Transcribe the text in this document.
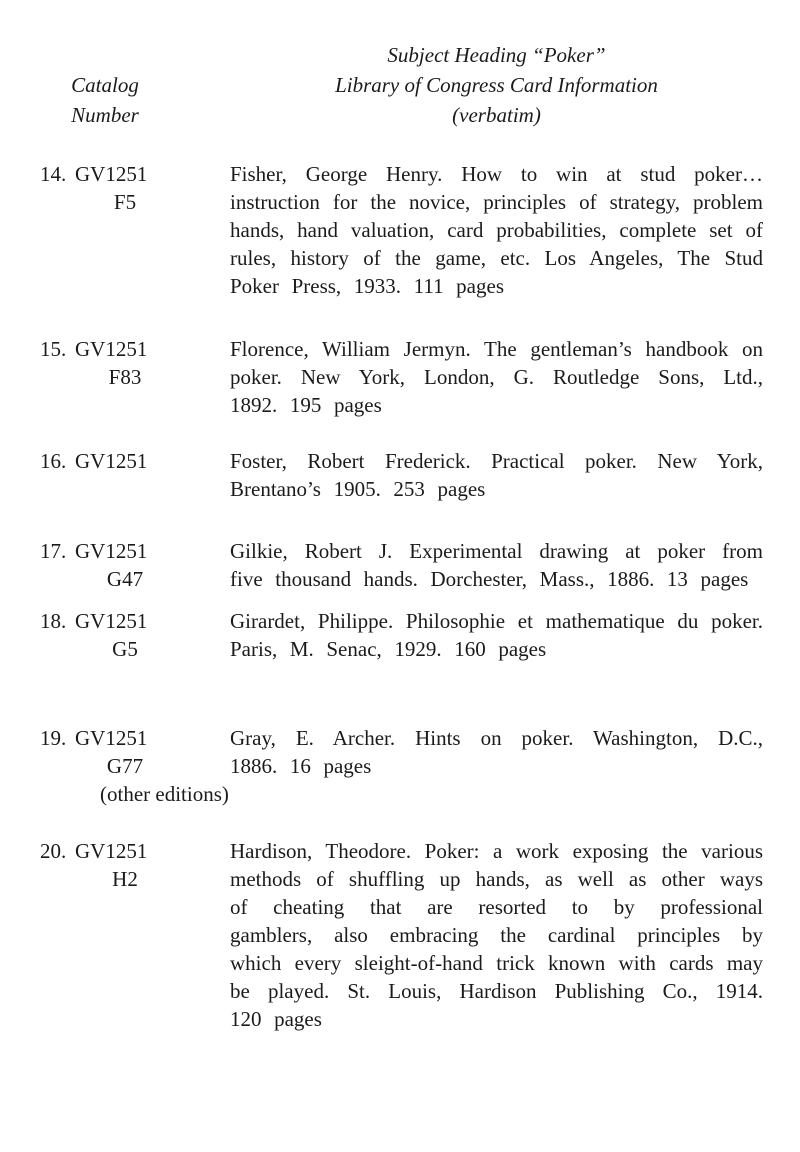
Catalog
Number
Subject Heading “Poker”
Library of Congress Card Information
(verbatim)
14. GV1251
F5
Fisher, George Henry. How to win at stud poker… instruction for the novice, principles of strategy, problem hands, hand valuation, card probabilities, complete set of rules, history of the game, etc. Los Angeles, The Stud Poker Press, 1933. 111 pages
15. GV1251
F83
Florence, William Jermyn. The gentleman’s handbook on poker. New York, London, G. Routledge Sons, Ltd., 1892. 195 pages
16. GV1251	Foster, Robert Frederick. Practical poker. New York, Brentano’s 1905. 253 pages
17. GV1251
G47
Gilkie, Robert J. Experimental drawing at poker from five thousand hands. Dorchester, Mass., 1886. 13 pages
18. GV1251
G5
Girardet, Philippe. Philosophie et mathematique du poker. Paris, M. Senac, 1929. 160 pages
19. GV1251
G77
(other editions)
Gray, E. Archer. Hints on poker. Washington, D.C., 1886. 16 pages
20. GV1251
H2
Hardison, Theodore. Poker: a work exposing the various methods of shuffling up hands, as well as other ways of cheating that are resorted to by professional gamblers, also embracing the cardinal principles by which every sleight-of-hand trick known with cards may be played. St. Louis, Hardison Publishing Co., 1914. 120 pages
